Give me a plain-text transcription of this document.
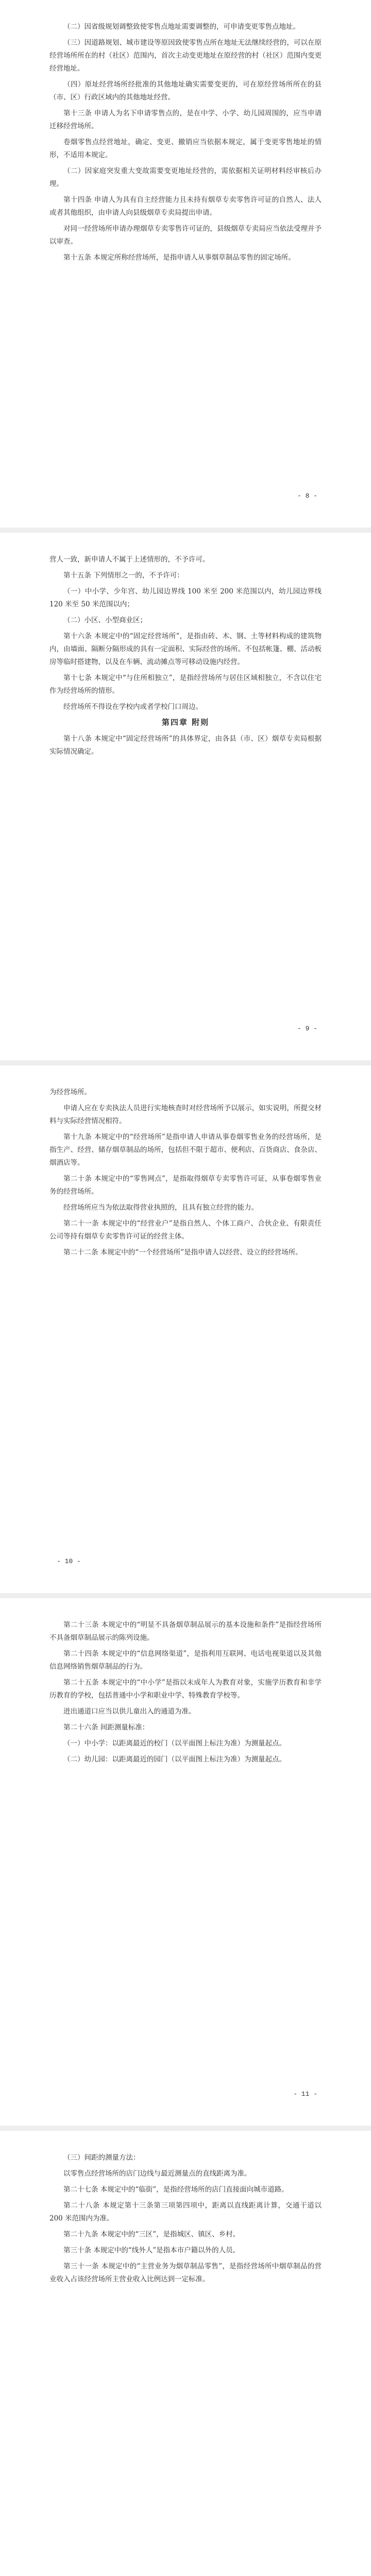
（二）因省级规划调整致使零售点地址需要调整的，可申请变更零售点地址。

（三）因道路规划、城市建设等原因致使零售点所在地址无法继续经营的，可以在原经营场所所在的村（社区）范围内，首次主动变更地址在原经营的村（社区）范围内变更经营地址。

（四）原址经营场所经批准的其他地址确实需要变更的，可在原经营场所所在的县（市、区）行政区域内的其他地址经营。

第十三条 申请人为名下申请零售点的，是在中学、小学、幼儿园周围的，应当申请迁移经营场所。

卷烟零售点经营地址，确定、变更、撤销应当依据本规定，属于变更零售地址的情形，不适用本规定。

（二）因家庭突发重大变故需要变更地址经营的，需依据相关证明材料经审核后办理。

第十四条 申请人为具有自主经营能力且未持有烟草专卖零售许可证的自然人、法人或者其他组织，由申请人向县级烟草专卖局提出申请。

对同一经营场所申请办理烟草专卖零售许可证的，县级烟草专卖局应当依法受理并予以审查。

第十五条 本规定所称经营场所，是指申请人从事烟草制品零售的固定场所。

- 8 -

营人一致，新申请人不属于上述情形的，不予许可。

第十五条 下列情形之一的，不予许可：

（一）中小学、少年宫、幼儿园边界线 100 米至 200 米范围以内，幼儿园边界线 120 米至 50 米范围以内；

（二）小区、小型商业区；

第十六条 本规定中的“固定经营场所”，是指由砖、木、钢、土等材料构成的建筑物内，由墙面、隔断分隔形成的具有一定面积、实际经营的场所。不包括帐篷、棚、活动板房等临时搭建物，以及在车辆、流动摊点等可移动设施内经营。

第十七条 本规定中“与住所相独立”，是指经营场所与居住区域相独立，不含以住宅作为经营场所的情形。

经营场所不得设在学校内或者学校门口周边。

第四章 附则

第十八条 本规定中“固定经营场所”的具体界定，由各县（市、区）烟草专卖局根据实际情况确定。

- 9 -

为经营场所。

申请人应在专卖执法人员进行实地核查时对经营场所予以展示，如实说明，所提交材料与实际经营情况相符。

第十九条 本规定中的“经营场所”是指申请人申请从事卷烟零售业务的经营场所，是指生产、经营、储存烟草制品的场所，包括但不限于超市、便利店、百货商店、食杂店、烟酒店等。

第二十条 本规定中的“零售网点”，是指取得烟草专卖零售许可证，从事卷烟零售业务的经营场所。

经营场所应当为依法取得营业执照的，且具有独立经营的能力。

第二十一条 本规定中的“经营业户”是指自然人、个体工商户、合伙企业、有限责任公司等持有烟草专卖零售许可证的经营主体。

第二十二条 本规定中的“一个经营场所”是指申请人以经营、设立的经营场所。

- 10 -

第二十三条 本规定中的“明显不具备烟草制品展示的基本设施和条件”是指经营场所不具备烟草制品展示的陈列设施。

第二十四条 本规定中的“信息网络渠道”，是指利用互联网、电话电视渠道以及其他信息网络销售烟草制品的行为。

第二十五条 本规定中的“中小学”是指以未成年人为教育对象，实施学历教育和非学历教育的学校，包括普通中小学和职业中学、特殊教育学校等。

进出通道口应当以供儿童出入的通道为准。

第二十六条 间距测量标准：

（一）中小学：以距离最近的校门（以平面图上标注为准）为测量起点。

（二）幼儿园：以距离最近的园门（以平面图上标注为准）为测量起点。

- 11 -

（三）间距的测量方法：

以零售点经营场所的店门边线与最近测量点的直线距离为准。

第二十七条 本规定中的“临街”，是指经营场所的店门直接面向城市道路。

第二十八条 本规定第十三条第三项第四项中，距离以直线距离计算，交通干道以 200 米范围内为准。

第二十九条 本规定中的“三区”，是指城区、镇区、乡村。

第三十条 本规定中的“线外人”是指本市户籍以外的人员。

第三十一条 本规定中的“主营业务为烟草制品零售”，是指经营场所中烟草制品的营业收入占该经营场所主营业收入比例达到一定标准。
